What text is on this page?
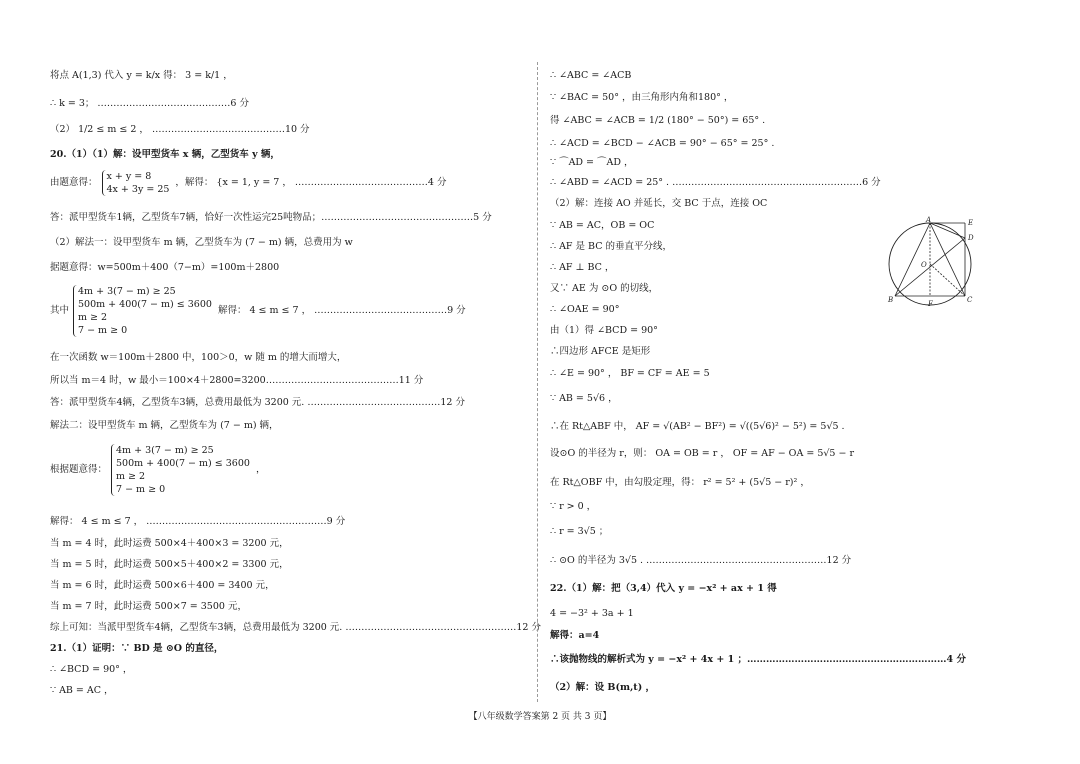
将点 A(1,3) 代入 y = k/x 得： 3 = k/1 ，
∴ k = 3； ……………………………………6 分
（2） 1/2 ≤ m ≤ 2 ， ……………………………………10 分
20.（1）（1）解：设甲型货车 x 辆，乙型货车 y 辆，
答：派甲型货车1辆，乙型货车7辆，恰好一次性运完25吨物品；…………………………………………5 分
（2）解法一：设甲型货车 m 辆，乙型货车为 (7 − m) 辆，总费用为 w
据题意得：w=500m＋400（7−m）=100m＋2800
在一次函数 w＝100m＋2800 中，100＞0，w 随 m 的增大而增大，
所以当 m＝4 时，w 最小＝100×4＋2800=3200……………………………………11 分
答：派甲型货车4辆，乙型货车3辆，总费用最低为 3200 元. ……………………………………12 分
解法二：设甲型货车 m 辆，乙型货车为 (7 − m) 辆，
解得： 4 ≤ m ≤ 7 ， …………………………………………………9 分
当 m = 4 时，此时运费 500×4＋400×3 = 3200 元，
当 m = 5 时，此时运费 500×5＋400×2 = 3300 元，
当 m = 6 时，此时运费 500×6＋400 = 3400 元，
当 m = 7 时，此时运费 500×7 = 3500 元，
综上可知：当派甲型货车4辆，乙型货车3辆，总费用最低为 3200 元. ………………………………………………12 分
21.（1）证明：∵ BD 是 ⊙O 的直径，
∴ ∠BCD = 90° ，
∵ AB = AC ，
由题意得：
x + y = 8
4x + 3y = 25
，解得： {x = 1, y = 7 ， ……………………………………4 分
其中
4m + 3(7 − m) ≥ 25
500m + 400(7 − m) ≤ 3600
m ≥ 2
7 − m ≥ 0
解得： 4 ≤ m ≤ 7 ， ……………………………………9 分
根据题意得：
4m + 3(7 − m) ≥ 25
500m + 400(7 − m) ≤ 3600
m ≥ 2
7 − m ≥ 0
，
∴ ∠ABC = ∠ACB
∵ ∠BAC = 50° ，由三角形内角和180° ，
得 ∠ABC = ∠ACB = 1/2 (180° − 50°) = 65° .
∴ ∠ACD = ∠BCD − ∠ACB = 90° − 65° = 25° .
∵ ⌒AD = ⌒AD ，
∴ ∠ABD = ∠ACD = 25° . ……………………………………………………6 分
（2）解：连接 AO 并延长，交 BC 于点，连接 OC
∵ AB = AC，OB = OC
∴ AF 是 BC 的垂直平分线，
∴ AF ⊥ BC ，
又∵ AE 为 ⊙O 的切线，
∴ ∠OAE = 90°
由（1）得 ∠BCD = 90°
∴四边形 AFCE 是矩形
∴ ∠E = 90° ， BF = CF = AE = 5
∵ AB = 5√6 ，
∴在 Rt△ABF 中， AF = √(AB² − BF²) = √((5√6)² − 5²) = 5√5 .
设⊙O 的半径为 r，则： OA = OB = r ， OF = AF − OA = 5√5 − r
在 Rt△OBF 中，由勾股定理，得： r² = 5² + (5√5 − r)² ，
∵ r > 0 ，
∴ r = 3√5 ；
∴ ⊙O 的半径为 3√5 . …………………………………………………12 分
22.（1）解：把（3,4）代入 y = −x² + ax + 1 得
4 = −3² + 3a + 1
解得：a=4
∴该抛物线的解析式为 y = −x² + 4x + 1 ；………………………………………………………4 分
（2）解：设 B(m,t) ，
A	E
D
O
B	F	C
【八年级数学答案第 2 页 共 3 页】
